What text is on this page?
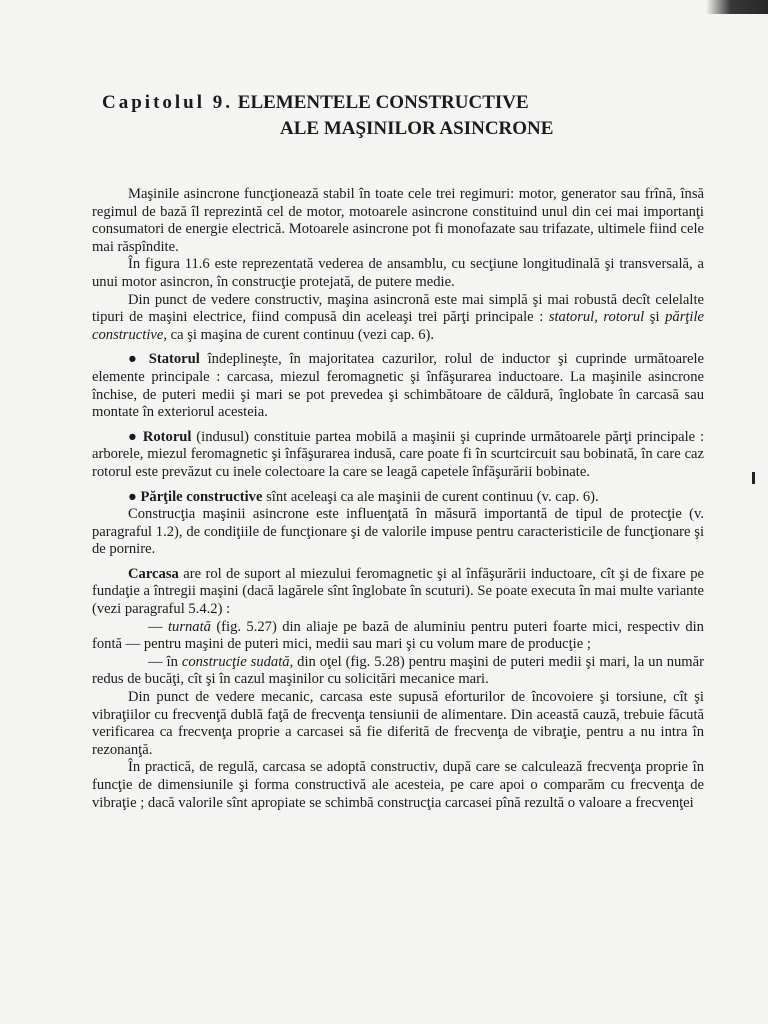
Capitolul 9. ELEMENTELE CONSTRUCTIVE
ALE MAŞINILOR ASINCRONE

Maşinile asincrone funcţionează stabil în toate cele trei regimuri: motor, generator sau frînă, însă regimul de bază îl reprezintă cel de motor, motoarele asincrone constituind unul din cei mai importanţi consumatori de energie electrică. Motoarele asincrone pot fi monofazate sau trifazate, ultimele fiind cele mai răspîndite.

În figura 11.6 este reprezentată vederea de ansamblu, cu secţiune longitudinală şi transversală, a unui motor asincron, în construcţie protejată, de putere medie.

Din punct de vedere constructiv, maşina asincronă este mai simplă şi mai robustă decît celelalte tipuri de maşini electrice, fiind compusă din aceleaşi trei părţi principale : statorul, rotorul şi părţile constructive, ca şi maşina de curent continuu (vezi cap. 6).

● Statorul îndeplineşte, în majoritatea cazurilor, rolul de inductor şi cuprinde următoarele elemente principale : carcasa, miezul feromagnetic şi înfăşurarea inductoare. La maşinile asincrone închise, de puteri medii şi mari se pot prevedea şi schimbătoare de căldură, înglobate în carcasă sau montate în exteriorul acesteia.

● Rotorul (indusul) constituie partea mobilă a maşinii şi cuprinde următoarele părţi principale : arborele, miezul feromagnetic şi înfăşurarea indusă, care poate fi în scurtcircuit sau bobinată, în care caz rotorul este prevăzut cu inele colectoare la care se leagă capetele înfăşurării bobinate.

● Părţile constructive sînt aceleaşi ca ale maşinii de curent continuu (v. cap. 6).

Construcţia maşinii asincrone este influenţată în măsură importantă de tipul de protecţie (v. paragraful 1.2), de condiţiile de funcţionare şi de valorile impuse pentru caracteristicile de funcţionare şi de pornire.

Carcasa are rol de suport al miezului feromagnetic şi al înfăşurării inductoare, cît şi de fixare pe fundaţie a întregii maşini (dacă lagărele sînt înglobate în scuturi). Se poate executa în mai multe variante (vezi paragraful 5.4.2) :

— turnată (fig. 5.27) din aliaje pe bază de aluminiu pentru puteri foarte mici, respectiv din fontă — pentru maşini de puteri mici, medii sau mari şi cu volum mare de producţie ;

— în construcţie sudată, din oţel (fig. 5.28) pentru maşini de puteri medii şi mari, la un număr redus de bucăţi, cît şi în cazul maşinilor cu solicitări mecanice mari.

Din punct de vedere mecanic, carcasa este supusă eforturilor de încovoiere şi torsiune, cît şi vibraţiilor cu frecvenţă dublă faţă de frecvenţa tensiunii de alimentare. Din această cauză, trebuie făcută verificarea ca frecvenţa proprie a carcasei să fie diferită de frecvenţa de vibraţie, pentru a nu intra în rezonanţă.

În practică, de regulă, carcasa se adoptă constructiv, după care se calculează frecvenţa proprie în funcţie de dimensiunile şi forma constructivă ale acesteia, pe care apoi o comparăm cu frecvenţa de vibraţie ; dacă valorile sînt apropiate se schimbă construcţia carcasei pînă rezultă o valoare a frecvenţei
